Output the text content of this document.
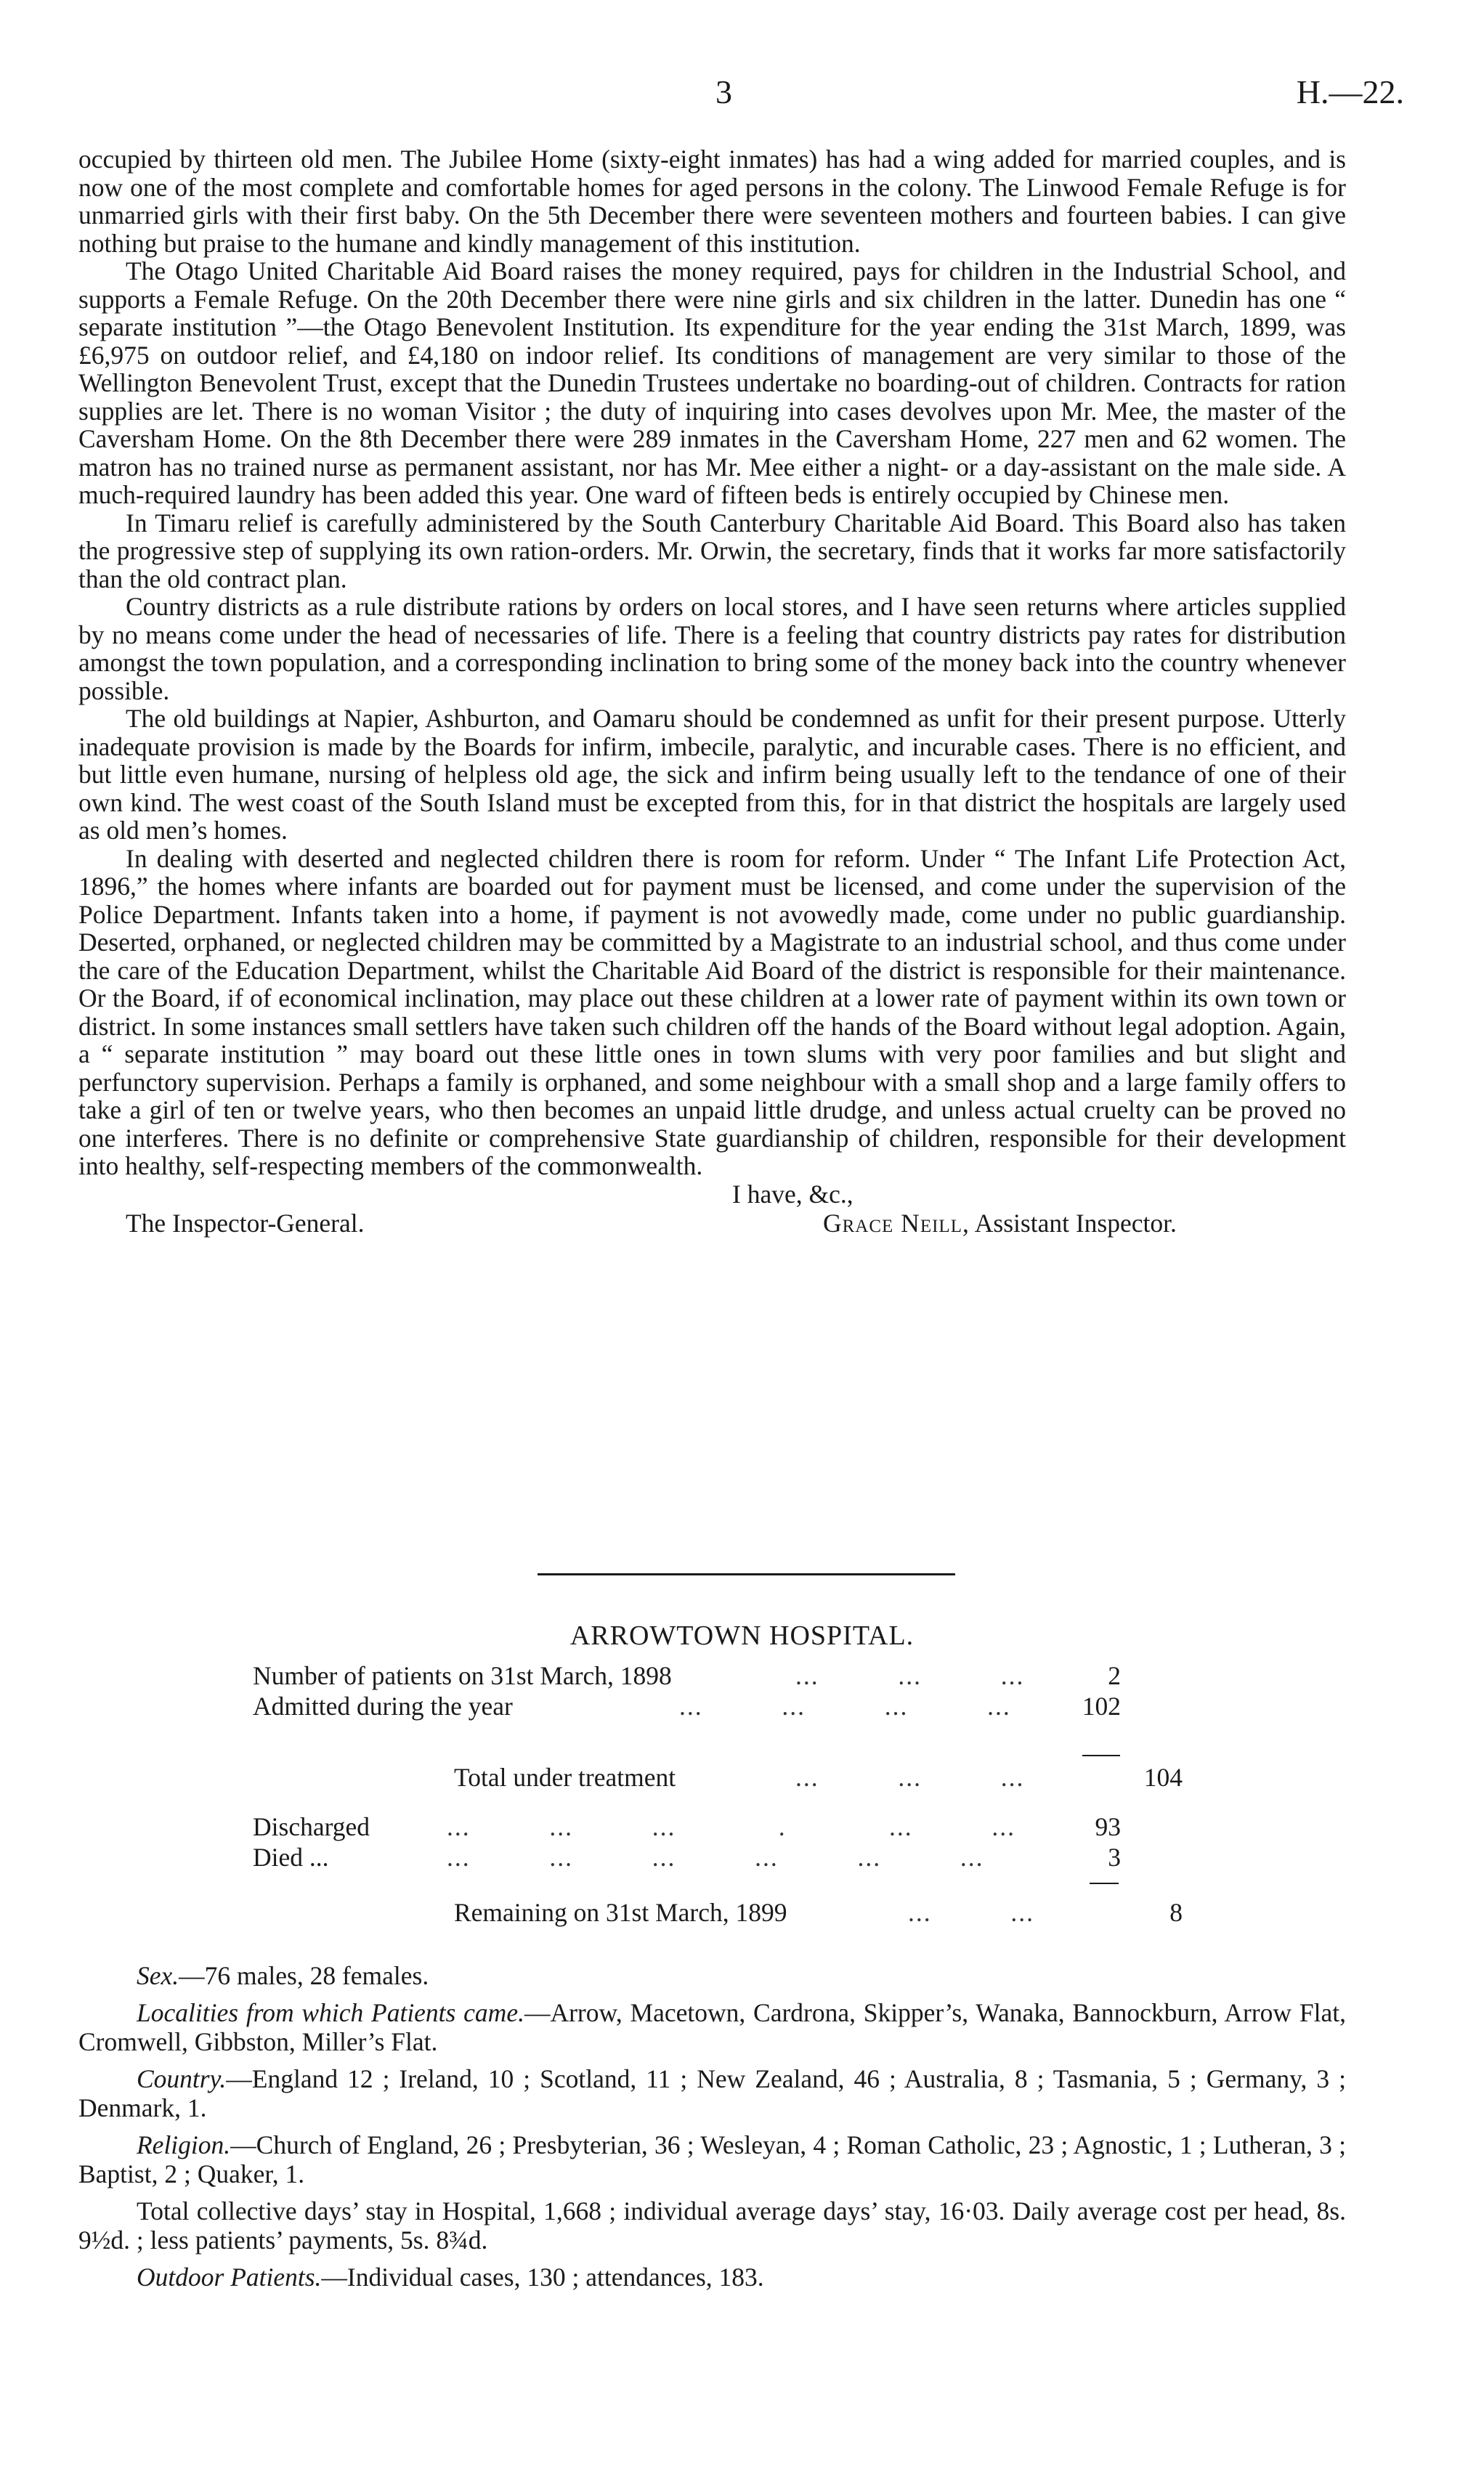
3	H.—22.

occupied by thirteen old men. The Jubilee Home (sixty-eight inmates) has had a wing added for married couples, and is now one of the most complete and comfortable homes for aged persons in the colony. The Linwood Female Refuge is for unmarried girls with their first baby. On the 5th December there were seventeen mothers and fourteen babies. I can give nothing but praise to the humane and kindly management of this institution.

The Otago United Charitable Aid Board raises the money required, pays for children in the Industrial School, and supports a Female Refuge. On the 20th December there were nine girls and six children in the latter. Dunedin has one “ separate institution ”—the Otago Benevolent Institution. Its expenditure for the year ending the 31st March, 1899, was £6,975 on outdoor relief, and £4,180 on indoor relief. Its conditions of management are very similar to those of the Wellington Benevolent Trust, except that the Dunedin Trustees undertake no boarding-out of children. Contracts for ration supplies are let. There is no woman Visitor ; the duty of inquiring into cases devolves upon Mr. Mee, the master of the Caversham Home. On the 8th December there were 289 inmates in the Caversham Home, 227 men and 62 women. The matron has no trained nurse as permanent assistant, nor has Mr. Mee either a night- or a day-assistant on the male side. A much-required laundry has been added this year. One ward of fifteen beds is entirely occupied by Chinese men.

In Timaru relief is carefully administered by the South Canterbury Charitable Aid Board. This Board also has taken the progressive step of supplying its own ration-orders. Mr. Orwin, the secretary, finds that it works far more satisfactorily than the old contract plan.

Country districts as a rule distribute rations by orders on local stores, and I have seen returns where articles supplied by no means come under the head of necessaries of life. There is a feeling that country districts pay rates for distribution amongst the town population, and a corresponding inclination to bring some of the money back into the country whenever possible.

The old buildings at Napier, Ashburton, and Oamaru should be condemned as unfit for their present purpose. Utterly inadequate provision is made by the Boards for infirm, imbecile, paralytic, and incurable cases. There is no efficient, and but little even humane, nursing of helpless old age, the sick and infirm being usually left to the tendance of one of their own kind. The west coast of the South Island must be excepted from this, for in that district the hospitals are largely used as old men’s homes.

In dealing with deserted and neglected children there is room for reform. Under “ The Infant Life Protection Act, 1896,” the homes where infants are boarded out for payment must be licensed, and come under the supervision of the Police Department. Infants taken into a home, if payment is not avowedly made, come under no public guardianship. Deserted, orphaned, or neglected children may be committed by a Magistrate to an industrial school, and thus come under the care of the Education Department, whilst the Charitable Aid Board of the district is responsible for their maintenance. Or the Board, if of economical inclination, may place out these children at a lower rate of payment within its own town or district. In some instances small settlers have taken such children off the hands of the Board without legal adoption. Again, a “ separate institution ” may board out these little ones in town slums with very poor families and but slight and perfunctory supervision. Perhaps a family is orphaned, and some neighbour with a small shop and a large family offers to take a girl of ten or twelve years, who then becomes an unpaid little drudge, and unless actual cruelty can be proved no one interferes. There is no definite or comprehensive State guardianship of children, responsible for their development into healthy, self-respecting members of the commonwealth.

I have, &c.,
The Inspector-General.	Grace Neill, Assistant Inspector.
ARROWTOWN HOSPITAL.
Number of patients on 31st March, 1898	...          ...          ...	2
Admitted during the year	...          ...          ...          ...	102
Total under treatment	...          ...          ...	104
Discharged	...          ...          ...             .             ...          ...	93
Died ...	...          ...          ...          ...          ...          ...	3
Remaining on 31st March, 1899	...          ...	8

Sex.—76 males, 28 females.

Localities from which Patients came.—Arrow, Macetown, Cardrona, Skipper’s, Wanaka, Bannockburn, Arrow Flat, Cromwell, Gibbston, Miller’s Flat.

Country.—England 12 ; Ireland, 10 ; Scotland, 11 ; New Zealand, 46 ; Australia, 8 ; Tasmania, 5 ; Germany, 3 ; Denmark, 1.

Religion.—Church of England, 26 ; Presbyterian, 36 ; Wesleyan, 4 ; Roman Catholic, 23 ; Agnostic, 1 ; Lutheran, 3 ; Baptist, 2 ; Quaker, 1.

Total collective days’ stay in Hospital, 1,668 ; individual average days’ stay, 16·03. Daily average cost per head, 8s. 9½d. ; less patients’ payments, 5s. 8¾d.

Outdoor Patients.—Individual cases, 130 ; attendances, 183.
